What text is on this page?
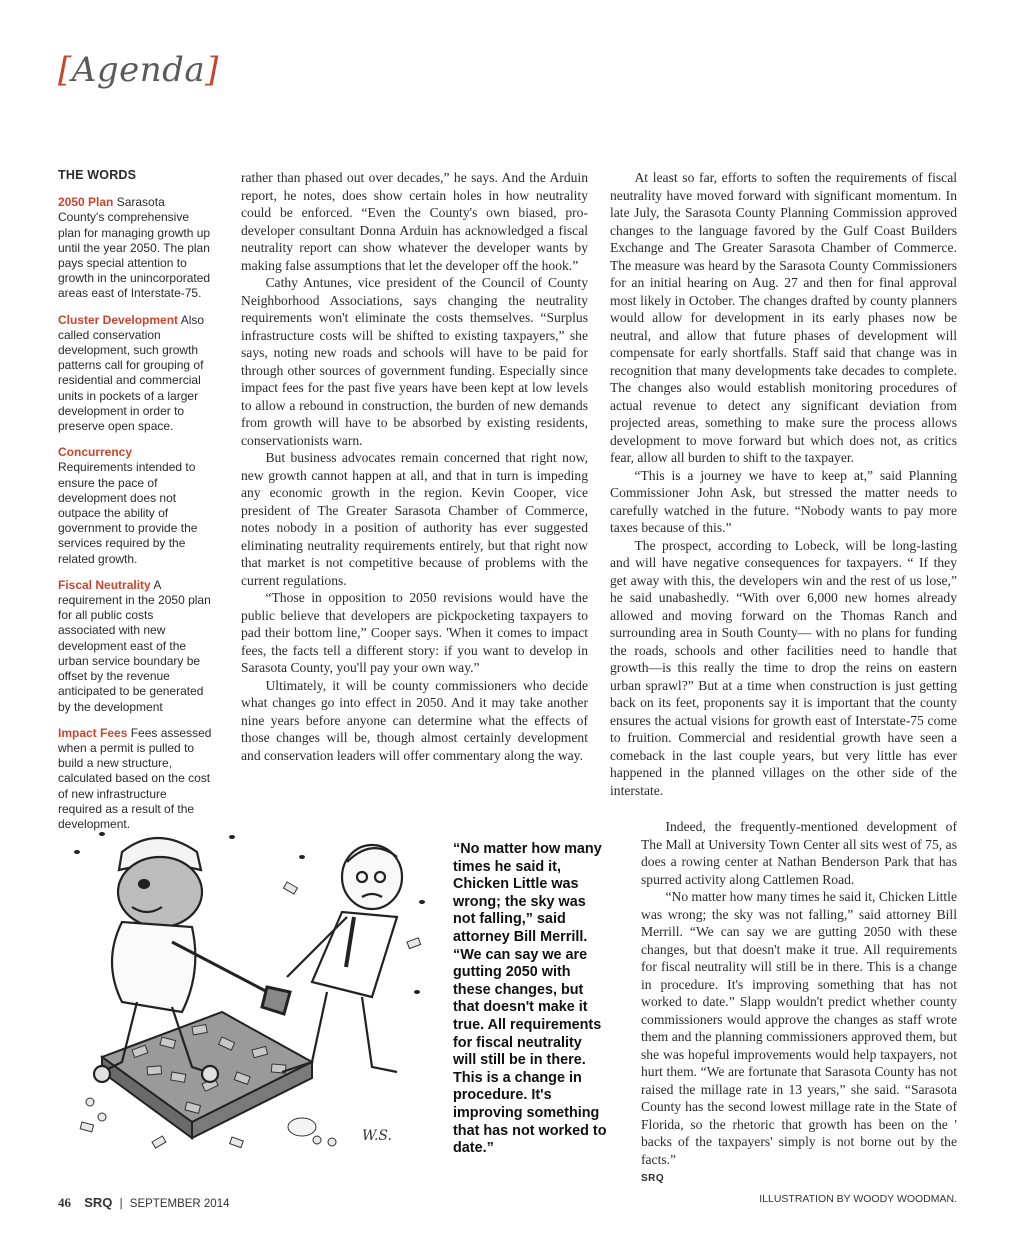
[Agenda]
THE WORDS
2050 Plan Sarasota County's comprehensive plan for managing growth up until the year 2050. The plan pays special attention to growth in the unincorporated areas east of Interstate-75.
Cluster Development Also called conservation development, such growth patterns call for grouping of residential and commercial units in pockets of a larger development in order to preserve open space.
Concurrency
Requirements intended to ensure the pace of development does not outpace the ability of government to provide the services required by the related growth.
Fiscal Neutrality A requirement in the 2050 plan for all public costs associated with new development east of the urban service boundary be offset by the revenue anticipated to be generated by the development
Impact Fees Fees assessed when a permit is pulled to build a new structure, calculated based on the cost of new infrastructure required as a result of the development.

rather than phased out over decades,” he says. And the Arduin report, he notes, does show certain holes in how neutrality could be enforced. “Even the County's own biased, pro-developer consultant Donna Arduin has acknowledged a fiscal neutrality report can show whatever the developer wants by making false assumptions that let the developer off the hook.”

Cathy Antunes, vice president of the Council of County Neighborhood Associations, says changing the neutrality requirements won't eliminate the costs themselves. “Surplus infrastructure costs will be shifted to existing taxpayers,” she says, noting new roads and schools will have to be paid for through other sources of government funding. Especially since impact fees for the past five years have been kept at low levels to allow a rebound in construction, the burden of new demands from growth will have to be absorbed by existing residents, conservationists warn.

But business advocates remain concerned that right now, new growth cannot happen at all, and that in turn is impeding any economic growth in the region. Kevin Cooper, vice president of The Greater Sarasota Chamber of Commerce, notes nobody in a position of authority has ever suggested eliminating neutrality requirements entirely, but that right now that market is not competitive because of problems with the current regulations.

“Those in opposition to 2050 revisions would have the public believe that developers are pickpocketing taxpayers to pad their bottom line,” Cooper says. 'When it comes to impact fees, the facts tell a different story: if you want to develop in Sarasota County, you'll pay your own way.”

Ultimately, it will be county commissioners who decide what changes go into effect in 2050. And it may take another nine years before anyone can determine what the effects of those changes will be, though almost certainly development and conservation leaders will offer commentary along the way.

At least so far, efforts to soften the requirements of fiscal neutrality have moved forward with significant momentum. In late July, the Sarasota County Planning Commission approved changes to the language favored by the Gulf Coast Builders Exchange and The Greater Sarasota Chamber of Commerce. The measure was heard by the Sarasota County Commissioners for an initial hearing on Aug. 27 and then for final approval most likely in October. The changes drafted by county planners would allow for development in its early phases now be neutral, and allow that future phases of development will compensate for early shortfalls. Staff said that change was in recognition that many developments take decades to complete. The changes also would establish monitoring procedures of actual revenue to detect any significant deviation from projected areas, something to make sure the process allows development to move forward but which does not, as critics fear, allow all burden to shift to the taxpayer.

“This is a journey we have to keep at,” said Planning Commissioner John Ask, but stressed the matter needs to carefully watched in the future. “Nobody wants to pay more taxes because of this.”

The prospect, according to Lobeck, will be long-lasting and will have negative consequences for taxpayers. “ If they get away with this, the developers win and the rest of us lose,” he said unabashedly. “With over 6,000 new homes already allowed and moving forward on the Thomas Ranch and surrounding area in South County— with no plans for funding the roads, schools and other facilities need to handle that growth—is this really the time to drop the reins on eastern urban sprawl?” But at a time when construction is just getting back on its feet, proponents say it is important that the county ensures the actual visions for growth east of Interstate-75 come to fruition. Commercial and residential growth have seen a comeback in the last couple years, but very little has ever happened in the planned villages on the other side of the interstate.

Indeed, the frequently-mentioned development of The Mall at University Town Center all sits west of 75, as does a rowing center at Nathan Benderson Park that has spurred activity along Cattlemen Road.

“No matter how many times he said it, Chicken Little was wrong; the sky was not falling,” said attorney Bill Merrill. “We can say we are gutting 2050 with these changes, but that doesn't make it true. All requirements for fiscal neutrality will still be in there. This is a change in procedure. It's improving something that has not worked to date.” Slapp wouldn't predict whether county commissioners would approve the changes as staff wrote them and the planning commissioners approved them, but she was hopeful improvements would help taxpayers, not hurt them. “We are fortunate that Sarasota County has not raised the millage rate in 13 years,” she said. “Sarasota County has the second lowest millage rate in the State of Florida, so the rhetoric that growth has been on the ' backs of the taxpayers' simply is not borne out by the facts.”

SRQ
“No matter how many times he said it, Chicken Little was wrong; the sky was not falling,” said attorney Bill Merrill. “We can say we are gutting 2050 with these changes, but that doesn't make it true. All requirements for fiscal neutrality will still be in there. This is a change in procedure. It's improving something that has not worked to date.”
W.S.
46 SRQ | SEPTEMBER 2014	ILLUSTRATION BY WOODY WOODMAN.
